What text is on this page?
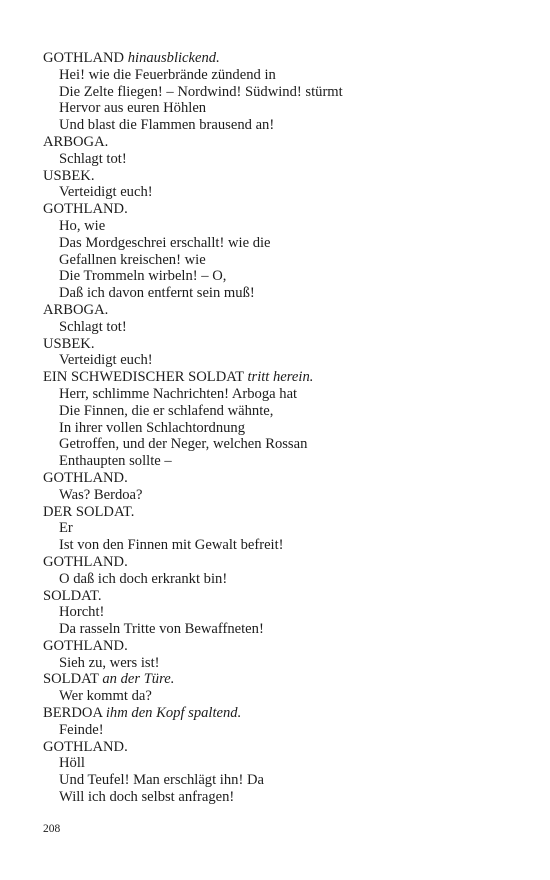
GOTHLAND hinausblickend.
Hei! wie die Feuerbrände zündend in
Die Zelte fliegen! – Nordwind! Südwind! stürmt
Hervor aus euren Höhlen
Und blast die Flammen brausend an!
ARBOGA.
Schlagt tot!
USBEK.
Verteidigt euch!
GOTHLAND.
Ho, wie
Das Mordgeschrei erschallt! wie die
Gefallnen kreischen! wie
Die Trommeln wirbeln! – O,
Daß ich davon entfernt sein muß!
ARBOGA.
Schlagt tot!
USBEK.
Verteidigt euch!
EIN SCHWEDISCHER SOLDAT tritt herein.
Herr, schlimme Nachrichten! Arboga hat
Die Finnen, die er schlafend wähnte,
In ihrer vollen Schlachtordnung
Getroffen, und der Neger, welchen Rossan
Enthaupten sollte –
GOTHLAND.
Was? Berdoa?
DER SOLDAT.
Er
Ist von den Finnen mit Gewalt befreit!
GOTHLAND.
O daß ich doch erkrankt bin!
SOLDAT.
Horcht!
Da rasseln Tritte von Bewaffneten!
GOTHLAND.
Sieh zu, wers ist!
SOLDAT an der Türe.
Wer kommt da?
BERDOA ihm den Kopf spaltend.
Feinde!
GOTHLAND.
Höll
Und Teufel! Man erschlägt ihn! Da
Will ich doch selbst anfragen!
208
